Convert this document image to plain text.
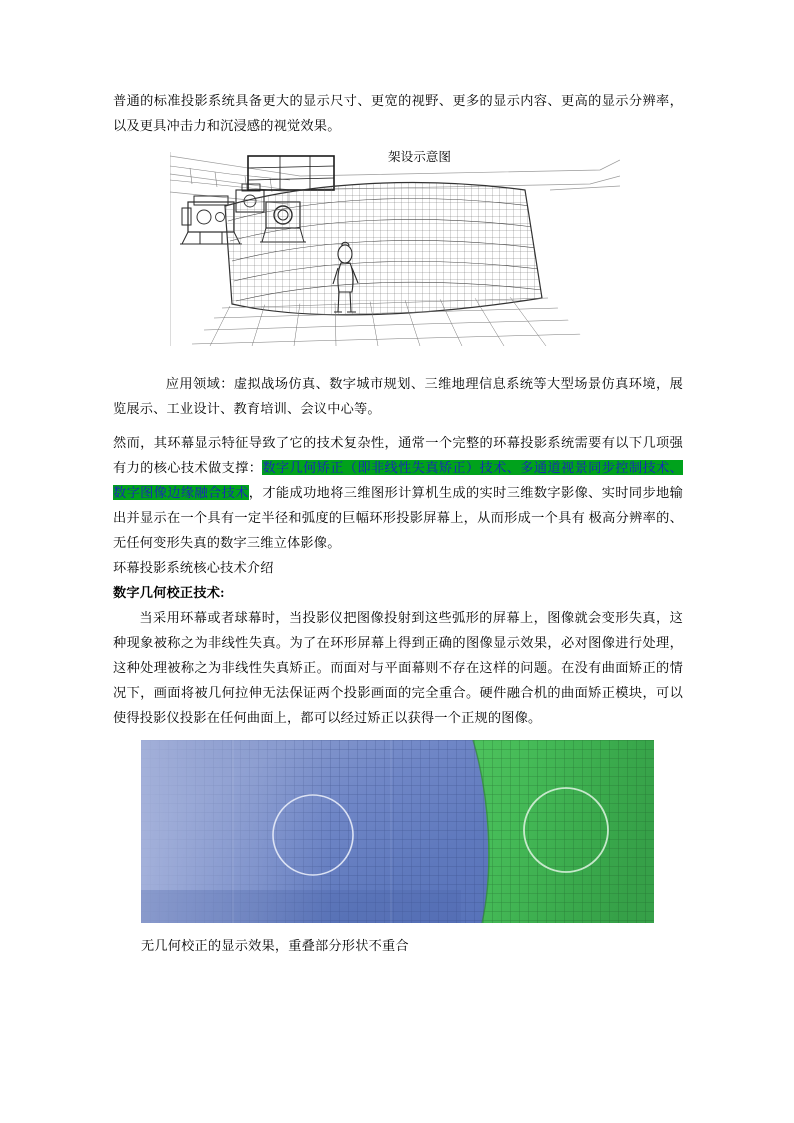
普通的标准投影系统具备更大的显示尺寸、更宽的视野、更多的显示内容、更高的显示分辨率，以及更具冲击力和沉浸感的视觉效果。

架设示意图

应用领域：虚拟战场仿真、数字城市规划、三维地理信息系统等大型场景仿真环境，展览展示、工业设计、教育培训、会议中心等。

然而，其环幕显示特征导致了它的技术复杂性，通常一个完整的环幕投影系统需要有以下几项强有力的核心技术做支撑：数字几何矫正（即非线性失真矫正）技术、多通道视景同步控制技术、数字图像边缘融合技术，才能成功地将三维图形计算机生成的实时三维数字影像、实时同步地输出并显示在一个具有一定半径和弧度的巨幅环形投影屏幕上，从而形成一个具有 极高分辨率的、无任何变形失真的数字三维立体影像。

环幕投影系统核心技术介绍

数字几何校正技术:

当采用环幕或者球幕时，当投影仪把图像投射到这些弧形的屏幕上，图像就会变形失真，这种现象被称之为非线性失真。为了在环形屏幕上得到正确的图像显示效果，必对图像进行处理，这种处理被称之为非线性失真矫正。而面对与平面幕则不存在这样的问题。在没有曲面矫正的情况下，画面将被几何拉伸无法保证两个投影画面的完全重合。硬件融合机的曲面矫正模块，可以使得投影仪投影在任何曲面上，都可以经过矫正以获得一个正规的图像。

无几何校正的显示效果，重叠部分形状不重合
